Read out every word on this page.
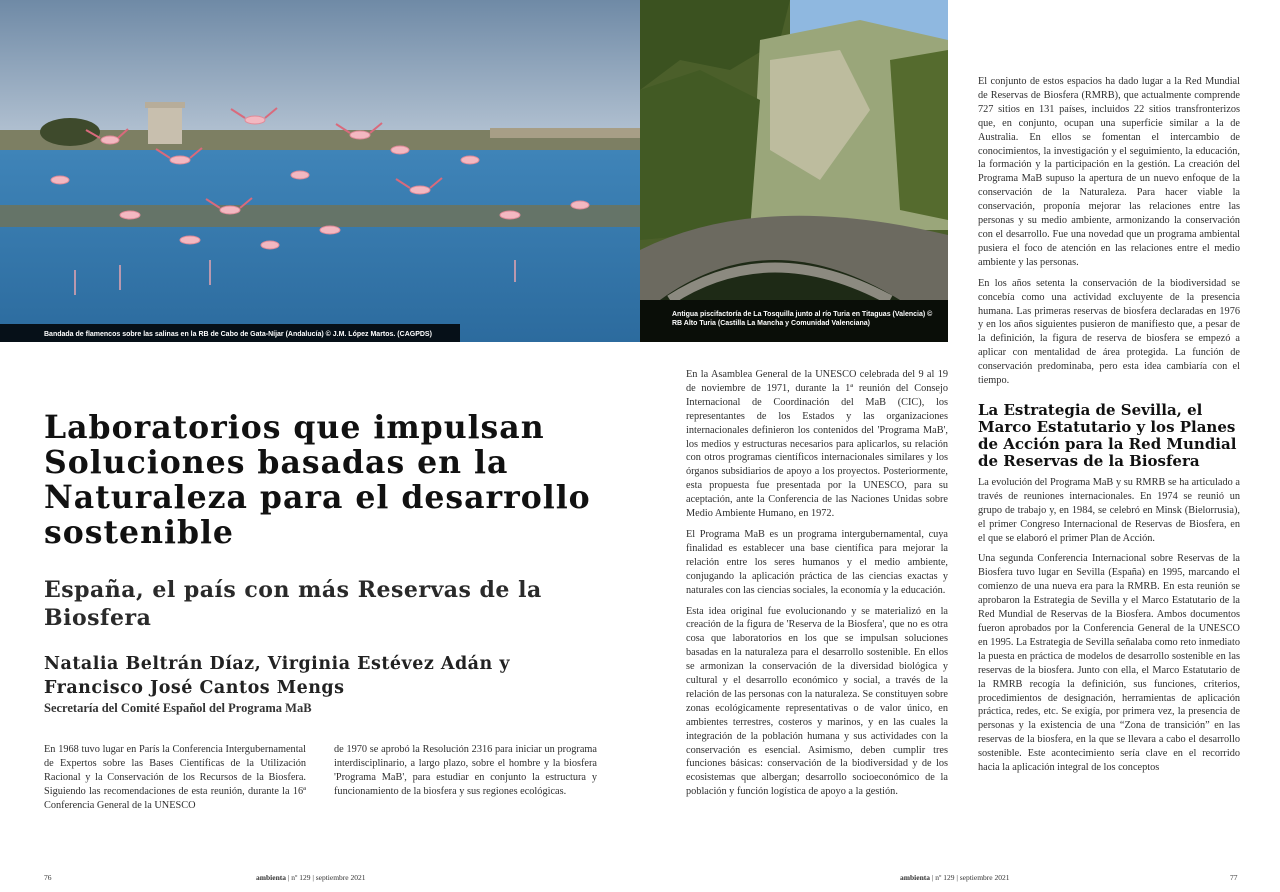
Bandada de flamencos sobre las salinas en la RB de Cabo de Gata-Níjar (Andalucía) © J.M. López Martos. (CAGPDS)
Laboratorios que impulsan Soluciones basadas en la Naturaleza para el desarrollo sostenible
España, el país con más Reservas de la Biosfera
Natalia Beltrán Díaz, Virginia Estévez Adán y Francisco José Cantos Mengs
Secretaría del Comité Español del Programa MaB

En 1968 tuvo lugar en París la Conferencia Intergubernamental de Expertos sobre las Bases Científicas de la Utilización Racional y la Conservación de los Recursos de la Biosfera. Siguiendo las recomendaciones de esta reunión, durante la 16ª Conferencia General de la UNESCO

de 1970 se aprobó la Resolución 2316 para iniciar un programa interdisciplinario, a largo plazo, sobre el hombre y la biosfera 'Programa MaB', para estudiar en conjunto la estructura y funcionamiento de la biosfera y sus regiones ecológicas.

76	ambienta | nº 129 | septiembre 2021
Antigua piscifactoría de La Tosquilla junto al río Turia en Titaguas (Valencia) © RB Alto Turia (Castilla La Mancha y Comunidad Valenciana)

En la Asamblea General de la UNESCO celebrada del 9 al 19 de noviembre de 1971, durante la 1ª reunión del Consejo Internacional de Coordinación del MaB (CIC), los representantes de los Estados y las organizaciones internacionales definieron los contenidos del 'Programa MaB', los medios y estructuras necesarios para aplicarlos, su relación con otros programas científicos internacionales similares y los órganos subsidiarios de apoyo a los proyectos. Posteriormente, esta propuesta fue presentada por la UNESCO, para su aceptación, ante la Conferencia de las Naciones Unidas sobre Medio Ambiente Humano, en 1972.

El Programa MaB es un programa intergubernamental, cuya finalidad es establecer una base científica para mejorar la relación entre los seres humanos y el medio ambiente, conjugando la aplicación práctica de las ciencias exactas y naturales con las ciencias sociales, la economía y la educación.

Esta idea original fue evolucionando y se materializó en la creación de la figura de 'Reserva de la Biosfera', que no es otra cosa que laboratorios en los que se impulsan soluciones basadas en la naturaleza para el desarrollo sostenible. En ellos se armonizan la conservación de la diversidad biológica y cultural y el desarrollo económico y social, a través de la relación de las personas con la naturaleza. Se constituyen sobre zonas ecológicamente representativas o de valor único, en ambientes terrestres, costeros y marinos, y en las cuales la integración de la población humana y sus actividades con la conservación es esencial. Asimismo, deben cumplir tres funciones básicas: conservación de la biodiversidad y de los ecosistemas que albergan; desarrollo socioeconómico de la población y función logística de apoyo a la gestión.

El conjunto de estos espacios ha dado lugar a la Red Mundial de Reservas de Biosfera (RMRB), que actualmente comprende 727 sitios en 131 países, incluidos 22 sitios transfronterizos que, en conjunto, ocupan una superficie similar a la de Australia. En ellos se fomentan el intercambio de conocimientos, la investigación y el seguimiento, la educación, la formación y la participación en la gestión. La creación del Programa MaB supuso la apertura de un nuevo enfoque de la conservación de la Naturaleza. Para hacer viable la conservación, proponía mejorar las relaciones entre las personas y su medio ambiente, armonizando la conservación con el desarrollo. Fue una novedad que un programa ambiental pusiera el foco de atención en las relaciones entre el medio ambiente y las personas.

En los años setenta la conservación de la biodiversidad se concebía como una actividad excluyente de la presencia humana. Las primeras reservas de biosfera declaradas en 1976 y en los años siguientes pusieron de manifiesto que, a pesar de la definición, la figura de reserva de biosfera se empezó a aplicar con mentalidad de área protegida. La función de conservación predominaba, pero esta idea cambiaría con el tiempo.

La Estrategia de Sevilla, el Marco Estatutario y los Planes de Acción para la Red Mundial de Reservas de la Biosfera

La evolución del Programa MaB y su RMRB se ha articulado a través de reuniones internacionales. En 1974 se reunió un grupo de trabajo y, en 1984, se celebró en Minsk (Bielorrusia), el primer Congreso Internacional de Reservas de Biosfera, en el que se elaboró el primer Plan de Acción.

Una segunda Conferencia Internacional sobre Reservas de la Biosfera tuvo lugar en Sevilla (España) en 1995, marcando el comienzo de una nueva era para la RMRB. En esta reunión se aprobaron la Estrategia de Sevilla y el Marco Estatutario de la Red Mundial de Reservas de la Biosfera. Ambos documentos fueron aprobados por la Conferencia General de la UNESCO en 1995. La Estrategia de Sevilla señalaba como reto inmediato la puesta en práctica de modelos de desarrollo sostenible en las reservas de la biosfera. Junto con ella, el Marco Estatutario de la RMRB recogía la definición, sus funciones, criterios, procedimientos de designación, herramientas de aplicación práctica, redes, etc. Se exigía, por primera vez, la presencia de personas y la existencia de una “Zona de transición” en las reservas de la biosfera, en la que se llevara a cabo el desarrollo sostenible. Este acontecimiento sería clave en el recorrido hacia la aplicación integral de los conceptos

ambienta | nº 129 | septiembre 2021	77
